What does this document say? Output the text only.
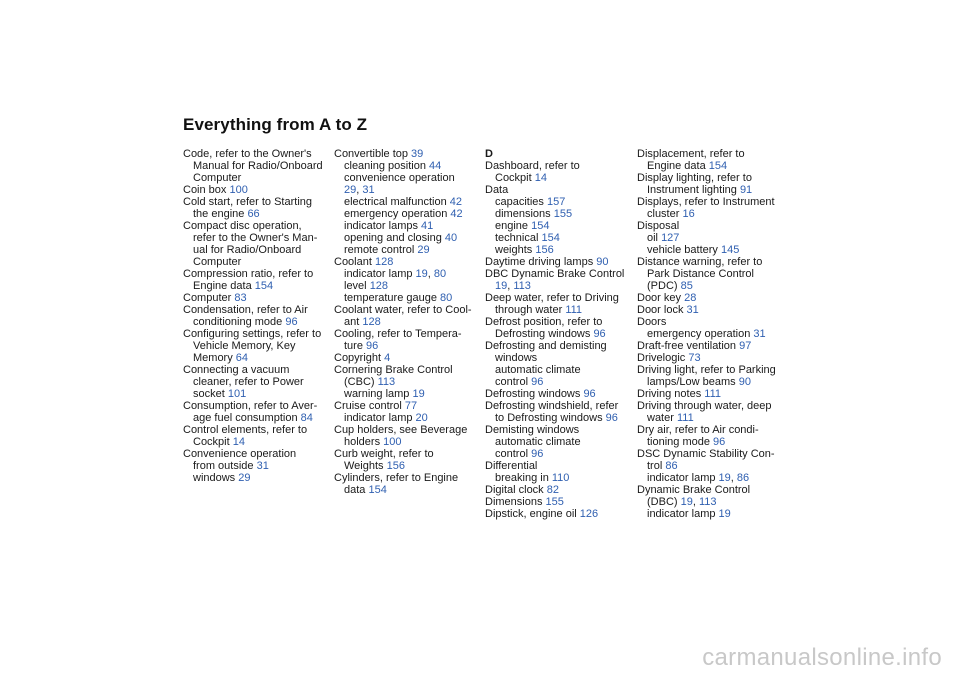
Everything from A to Z
Code, refer to the Owner's
Manual for Radio/Onboard
Computer
Coin box 100
Cold start, refer to Starting
the engine 66
Compact disc operation,
refer to the Owner's Man-
ual for Radio/Onboard
Computer
Compression ratio, refer to
Engine data 154
Computer 83
Condensation, refer to Air
conditioning mode 96
Configuring settings, refer to
Vehicle Memory, Key
Memory 64
Connecting a vacuum
cleaner, refer to Power
socket 101
Consumption, refer to Aver-
age fuel consumption 84
Control elements, refer to
Cockpit 14
Convenience operation
from outside 31
windows 29
Convertible top 39
cleaning position 44
convenience operation
29, 31
electrical malfunction 42
emergency operation 42
indicator lamps 41
opening and closing 40
remote control 29
Coolant 128
indicator lamp 19, 80
level 128
temperature gauge 80
Coolant water, refer to Cool-
ant 128
Cooling, refer to Tempera-
ture 96
Copyright 4
Cornering Brake Control
(CBC) 113
warning lamp 19
Cruise control 77
indicator lamp 20
Cup holders, see Beverage
holders 100
Curb weight, refer to
Weights 156
Cylinders, refer to Engine
data 154
D
Dashboard, refer to
Cockpit 14
Data
capacities 157
dimensions 155
engine 154
technical 154
weights 156
Daytime driving lamps 90
DBC Dynamic Brake Control
19, 113
Deep water, refer to Driving
through water 111
Defrost position, refer to
Defrosting windows 96
Defrosting and demisting
windows
automatic climate
control 96
Defrosting windows 96
Defrosting windshield, refer
to Defrosting windows 96
Demisting windows
automatic climate
control 96
Differential
breaking in 110
Digital clock 82
Dimensions 155
Dipstick, engine oil 126
Displacement, refer to
Engine data 154
Display lighting, refer to
Instrument lighting 91
Displays, refer to Instrument
cluster 16
Disposal
oil 127
vehicle battery 145
Distance warning, refer to
Park Distance Control
(PDC) 85
Door key 28
Door lock 31
Doors
emergency operation 31
Draft-free ventilation 97
Drivelogic 73
Driving light, refer to Parking
lamps/Low beams 90
Driving notes 111
Driving through water, deep
water 111
Dry air, refer to Air condi-
tioning mode 96
DSC Dynamic Stability Con-
trol 86
indicator lamp 19, 86
Dynamic Brake Control
(DBC) 19, 113
indicator lamp 19
carmanualsonline.info
